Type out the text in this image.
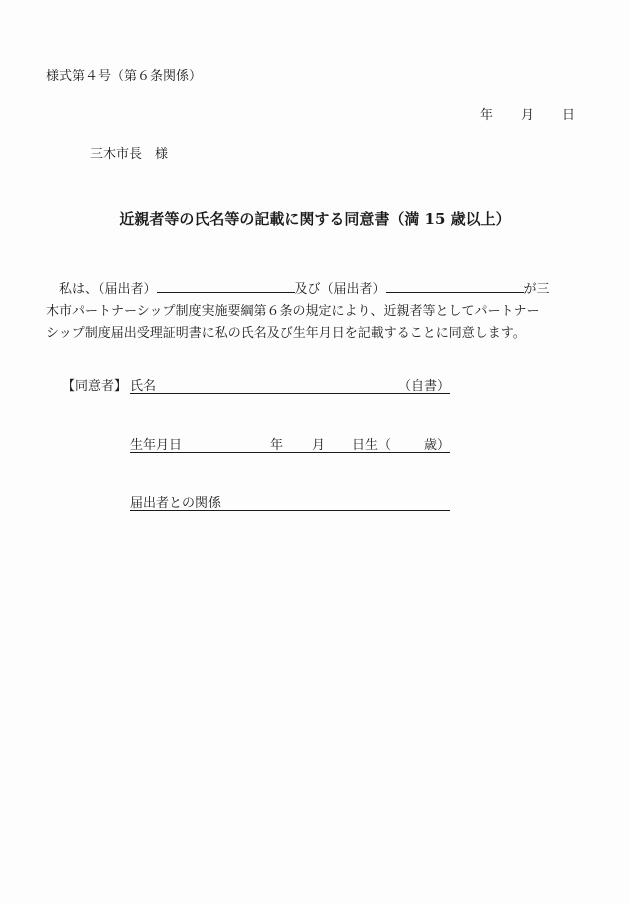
様式第４号（第６条関係）
年 月 日
三木市長　様
近親者等の氏名等の記載に関する同意書（満 15 歳以上）
　私は、（届出者）	及び（届出者）	が三
木市パートナーシップ制度実施要綱第６条の規定により、近親者等としてパートナー
シップ制度届出受理証明書に私の氏名及び生年月日を記載することに同意します。
【同意者】 氏名	（自書）
生年月日	年 月 日生（	歳）
届出者との関係
